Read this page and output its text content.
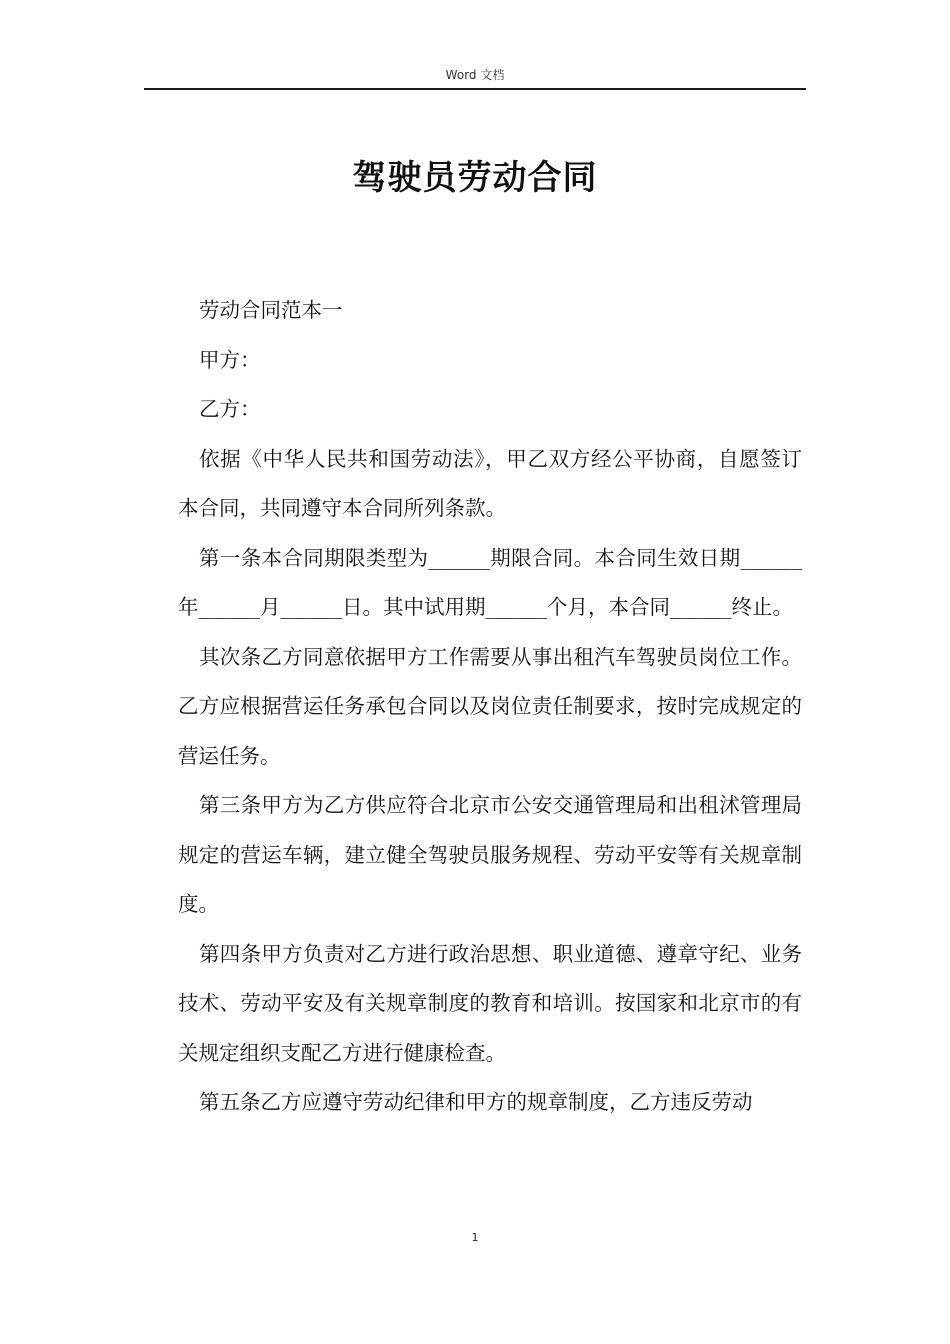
Word 文档
驾驶员劳动合同

劳动合同范本一

甲方：

乙方：

依据《中华人民共和国劳动法》，甲乙双方经公平协商，自愿签订本合同，共同遵守本合同所列条款。

第一条本合同期限类型为______期限合同。本合同生效日期______年______月______日。其中试用期______个月，本合同______终止。

其次条乙方同意依据甲方工作需要从事出租汽车驾驶员岗位工作。乙方应根据营运任务承包合同以及岗位责任制要求，按时完成规定的营运任务。

第三条甲方为乙方供应符合北京市公安交通管理局和出租沭管理局规定的营运车辆，建立健全驾驶员服务规程、劳动平安等有关规章制度。

第四条甲方负责对乙方进行政治思想、职业道德、遵章守纪、业务技术、劳动平安及有关规章制度的教育和培训。按国家和北京市的有关规定组织支配乙方进行健康检查。

第五条乙方应遵守劳动纪律和甲方的规章制度，乙方违反劳动

1
